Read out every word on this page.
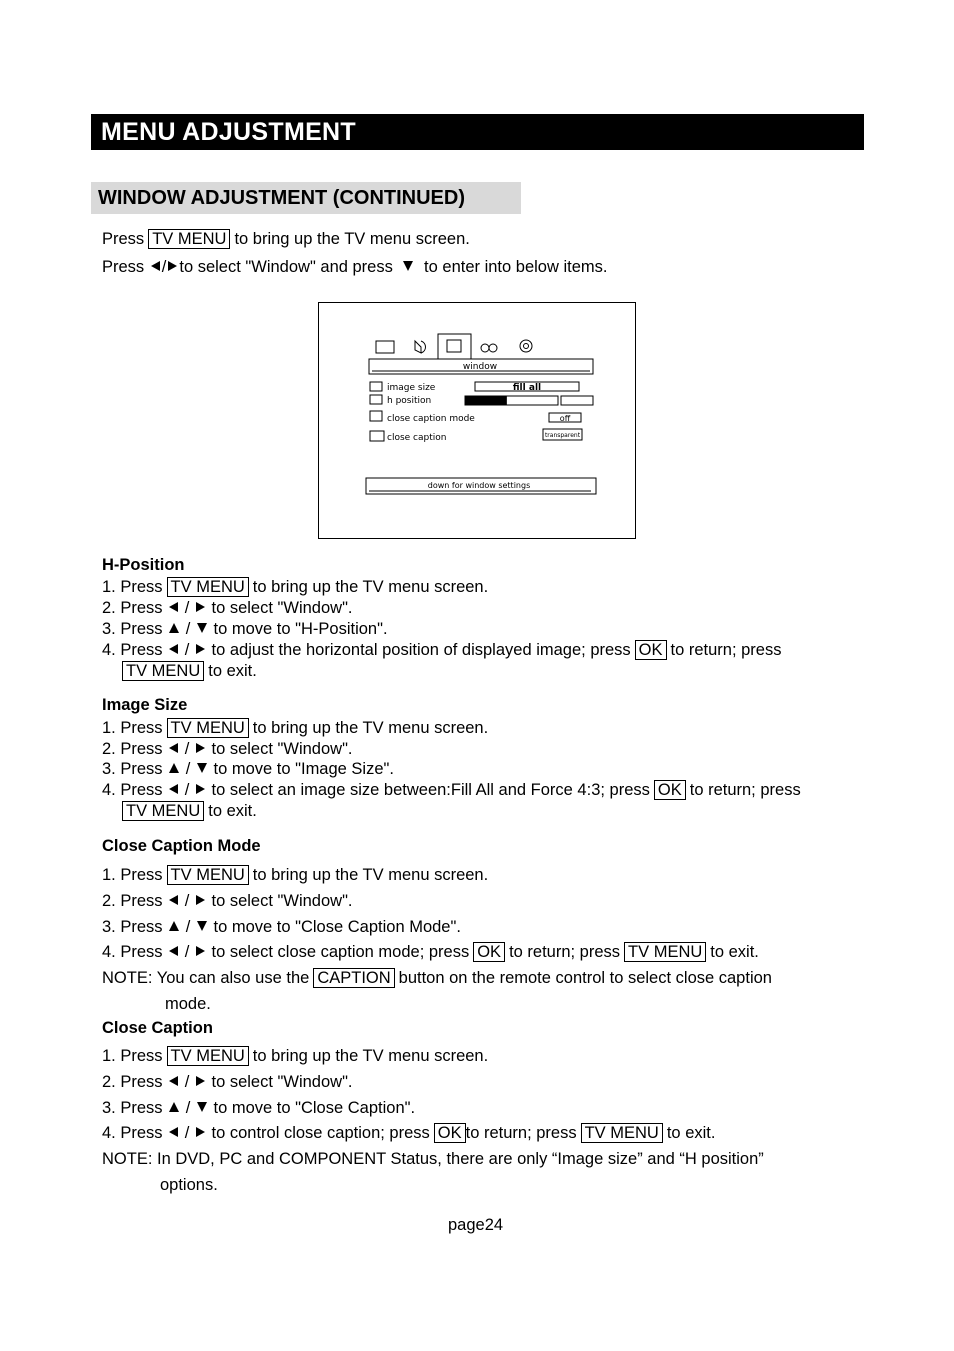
MENU ADJUSTMENT
WINDOW ADJUSTMENT (CONTINUED)
Press TV MENU to bring up the TV menu screen.
Press / to select "Window" and press to enter into below items.
window
image size	fill all
h position
close caption mode	off
close caption	transparent
down for window settings
H-Position
1. Press TV MENU to bring up the TV menu screen.
2. Press / to select "Window".
3. Press / to move to "H-Position".
4. Press / to adjust the horizontal position of displayed image; press OK to return; press
TV MENU to exit.
Image Size
1. Press TV MENU to bring up the TV menu screen.
2. Press / to select "Window".
3. Press / to move to "Image Size".
4. Press / to select an image size between:Fill All and Force 4:3; press OK to return; press
TV MENU to exit.
Close Caption Mode
1. Press TV MENU to bring up the TV menu screen.
2. Press / to select "Window".
3. Press / to move to "Close Caption Mode".
4. Press / to select close caption mode; press OK to return; press TV MENU to exit.
NOTE: You can also use the CAPTION button on the remote control to select close caption
mode.
Close Caption
1. Press TV MENU to bring up the TV menu screen.
2. Press / to select "Window".
3. Press / to move to "Close Caption".
4. Press / to control close caption; press OK to return; press TV MENU to exit.
NOTE: In DVD, PC and COMPONENT Status, there are only “Image size” and “H position”
options.
page24
